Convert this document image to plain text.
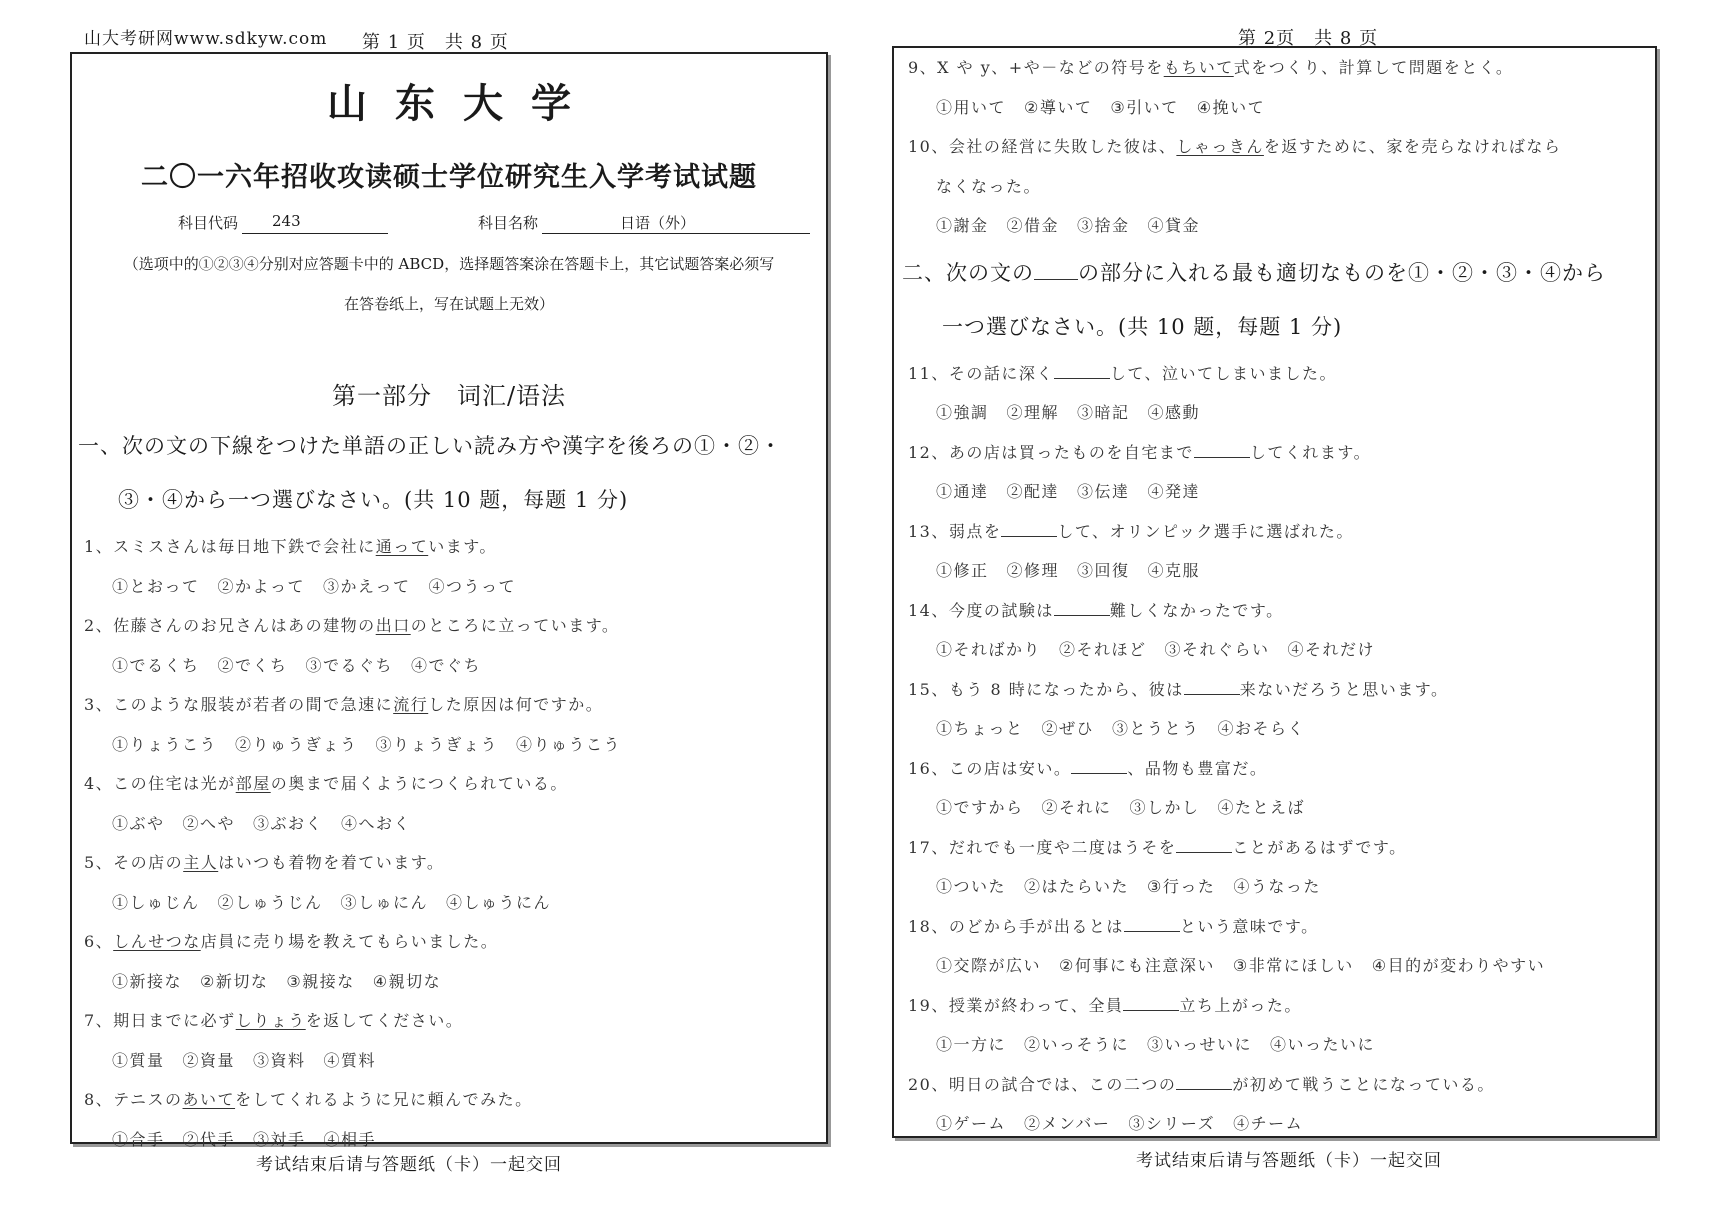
山大考研网www.sdkyw.com 第 1 页　共 8 页	第 2页　共 8 页
山东大学
二〇一六年招收攻读硕士学位研究生入学考试试题
科目代码	243	科目名称	日语（外）
（选项中的①②③④分别对应答题卡中的 ABCD，选择题答案涂在答题卡上，其它试题答案必须写
在答卷纸上，写在试题上无效）
第一部分　词汇/语法
一、次の文の下線をつけた単語の正しい読み方や漢字を後ろの①・②・
③・④から一つ選びなさい。(共 10 题，每题 1 分)
1、スミスさんは毎日地下鉄で会社に通っています。
①とおって ②かよって ③かえって ④つうって
2、佐藤さんのお兄さんはあの建物の出口のところに立っています。
①でるくち ②でくち ③でるぐち ④でぐち
3、このような服装が若者の間で急速に流行した原因は何ですか。
①りょうこう ②りゅうぎょう ③りょうぎょう ④りゅうこう
4、この住宅は光が部屋の奥まで届くようにつくられている。
①ぶや ②へや ③ぶおく ④へおく
5、その店の主人はいつも着物を着ています。
①しゅじん ②しゅうじん ③しゅにん ④しゅうにん
6、しんせつな店員に売り場を教えてもらいました。
①新接な ②新切な ③親接な ④親切な
7、期日までに必ずしりょうを返してください。
①質量 ②資量 ③資料 ④質料
8、テニスのあいてをしてくれるように兄に頼んでみた。
①合手 ②代手 ③対手 ④相手
9、X や y、+や－などの符号をもちいて式をつくり、計算して問題をとく。
①用いて ②導いて ③引いて ④挽いて
10、会社の経営に失敗した彼は、しゃっきんを返すために、家を売らなければなら
なくなった。
①謝金 ②借金 ③捨金 ④貸金
二、次の文の の部分に入れる最も適切なものを①・②・③・④から
一つ選びなさい。(共 10 题，每题 1 分)
11、その話に深く	して、泣いてしまいました。
①強調 ②理解 ③暗記 ④感動
12、あの店は買ったものを自宅まで	してくれます。
①通達 ②配達 ③伝達 ④発達
13、弱点を	して、オリンピック選手に選ばれた。
①修正 ②修理 ③回復 ④克服
14、今度の試験は	難しくなかったです。
①そればかり ②それほど ③それぐらい ④それだけ
15、もう 8 時になったから、彼は	来ないだろうと思います。
①ちょっと ②ぜひ ③とうとう ④おそらく
16、この店は安い。	、品物も豊富だ。
①ですから ②それに ③しかし ④たとえば
17、だれでも一度や二度はうそを	ことがあるはずです。
①ついた ②はたらいた ③行った ④うなった
18、のどから手が出るとは	という意味です。
①交際が広い ②何事にも注意深い ③非常にほしい ④目的が変わりやすい
19、授業が終わって、全員	立ち上がった。
①一方に ②いっそうに ③いっせいに ④いったいに
20、明日の試合では、この二つの	が初めて戦うことになっている。
①ゲーム ②メンバー ③シリーズ ④チーム
考试结束后请与答题纸（卡）一起交回	考试结束后请与答题纸（卡）一起交回
